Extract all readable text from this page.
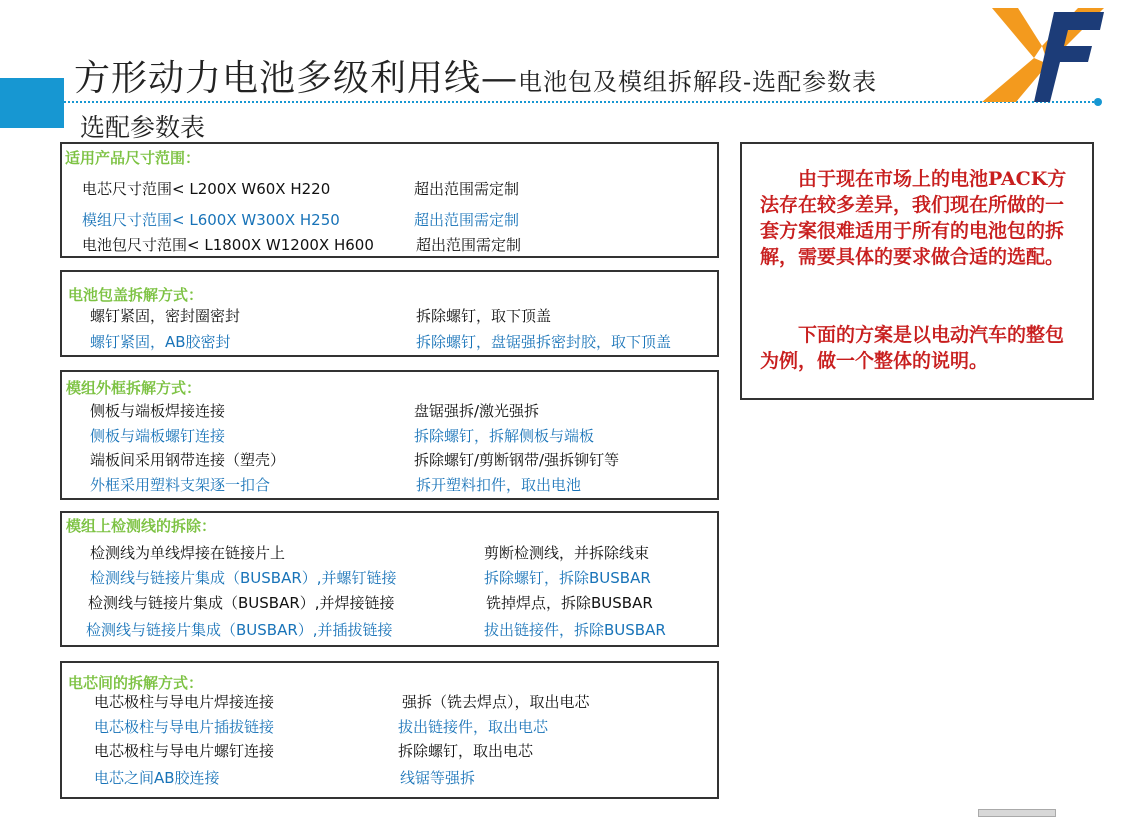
方形动力电池多级利用线—电池包及模组拆解段-选配参数表
选配参数表
适用产品尺寸范围：
电芯尺寸范围< L200X W60X H220	超出范围需定制
模组尺寸范围< L600X W300X H250	超出范围需定制
电池包尺寸范围< L1800X W1200X H600	超出范围需定制
电池包盖拆解方式：
螺钉紧固，密封圈密封	拆除螺钉，取下顶盖
螺钉紧固，AB胶密封	拆除螺钉，盘锯强拆密封胶，取下顶盖
模组外框拆解方式：
侧板与端板焊接连接	盘锯强拆/激光强拆
侧板与端板螺钉连接	拆除螺钉，拆解侧板与端板
端板间采用钢带连接（塑壳）	拆除螺钉/剪断钢带/强拆铆钉等
外框采用塑料支架逐一扣合	拆开塑料扣件，取出电池
模组上检测线的拆除：
检测线为单线焊接在链接片上	剪断检测线，并拆除线束
检测线与链接片集成（BUSBAR）,并螺钉链接	拆除螺钉，拆除BUSBAR
检测线与链接片集成（BUSBAR）,并焊接链接	铣掉焊点，拆除BUSBAR
检测线与链接片集成（BUSBAR）,并插拔链接	拔出链接件，拆除BUSBAR
电芯间的拆解方式：
电芯极柱与导电片焊接连接	强拆（铣去焊点），取出电芯
电芯极柱与导电片插拔链接	拔出链接件，取出电芯
电芯极柱与导电片螺钉连接	拆除螺钉，取出电芯
电芯之间AB胶连接	线锯等强拆

由于现在市场上的电池PACK方法存在较多差异，我们现在所做的一套方案很难适用于所有的电池包的拆解，需要具体的要求做合适的选配。

下面的方案是以电动汽车的整包为例，做一个整体的说明。
